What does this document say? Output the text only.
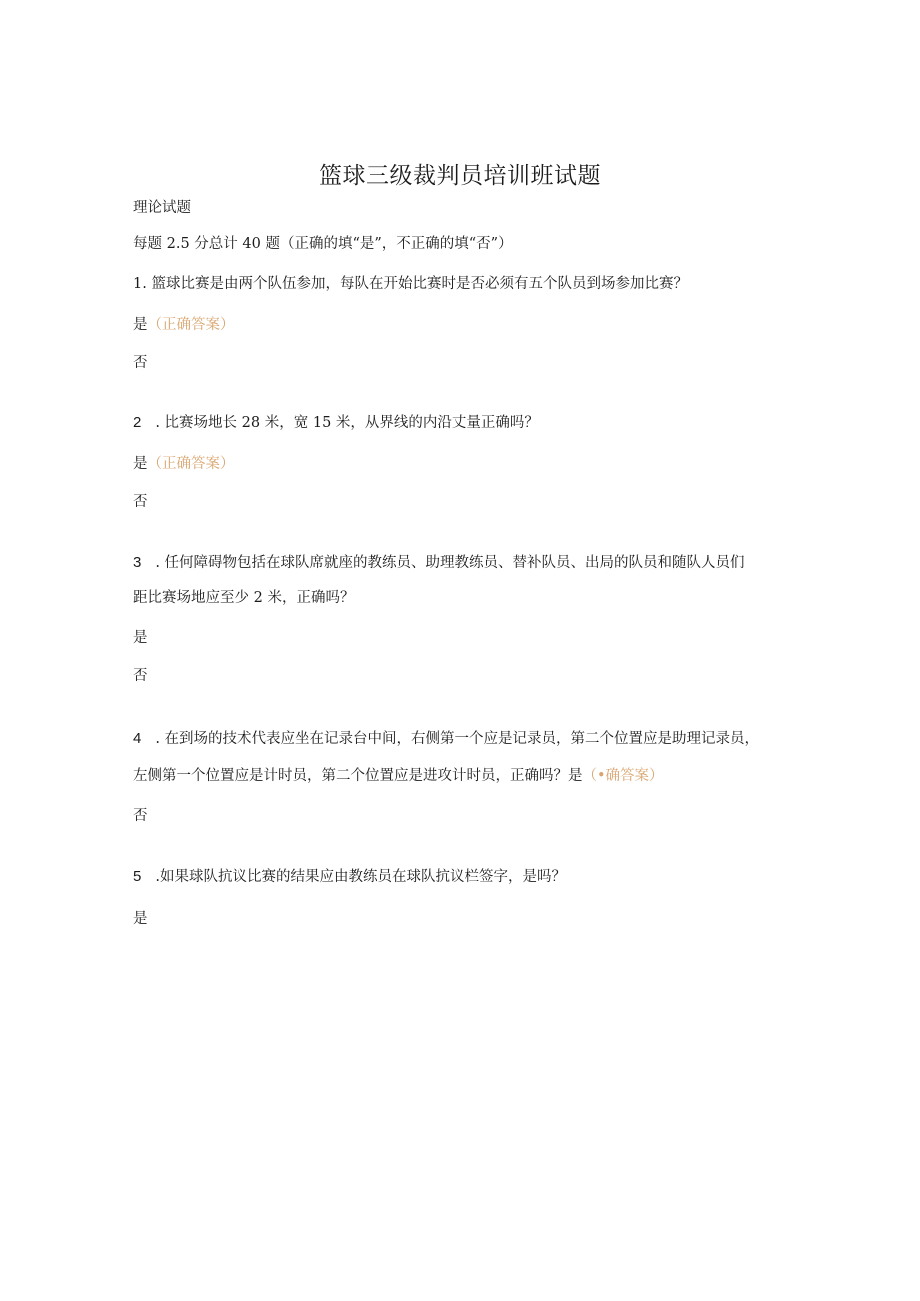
篮球三级裁判员培训班试题
理论试题
每题 2.5 分总计 40 题（正确的填“是”，不正确的填“否”）
1. 篮球比赛是由两个队伍参加，每队在开始比赛时是否必须有五个队员到场参加比赛？
是（正确答案）
否
2 . 比赛场地长 28 米，宽 15 米，从界线的内沿丈量正确吗？
是（正确答案）
否
3 . 任何障碍物包括在球队席就座的教练员、助理教练员、替补队员、出局的队员和随队人员们
距比赛场地应至少 2 米，正确吗？
是
否
4 . 在到场的技术代表应坐在记录台中间，右侧第一个应是记录员，第二个位置应是助理记录员，
左侧第一个位置应是计时员，第二个位置应是进攻计时员，正确吗？是（•确答案）
否
5 .如果球队抗议比赛的结果应由教练员在球队抗议栏签字，是吗？
是
